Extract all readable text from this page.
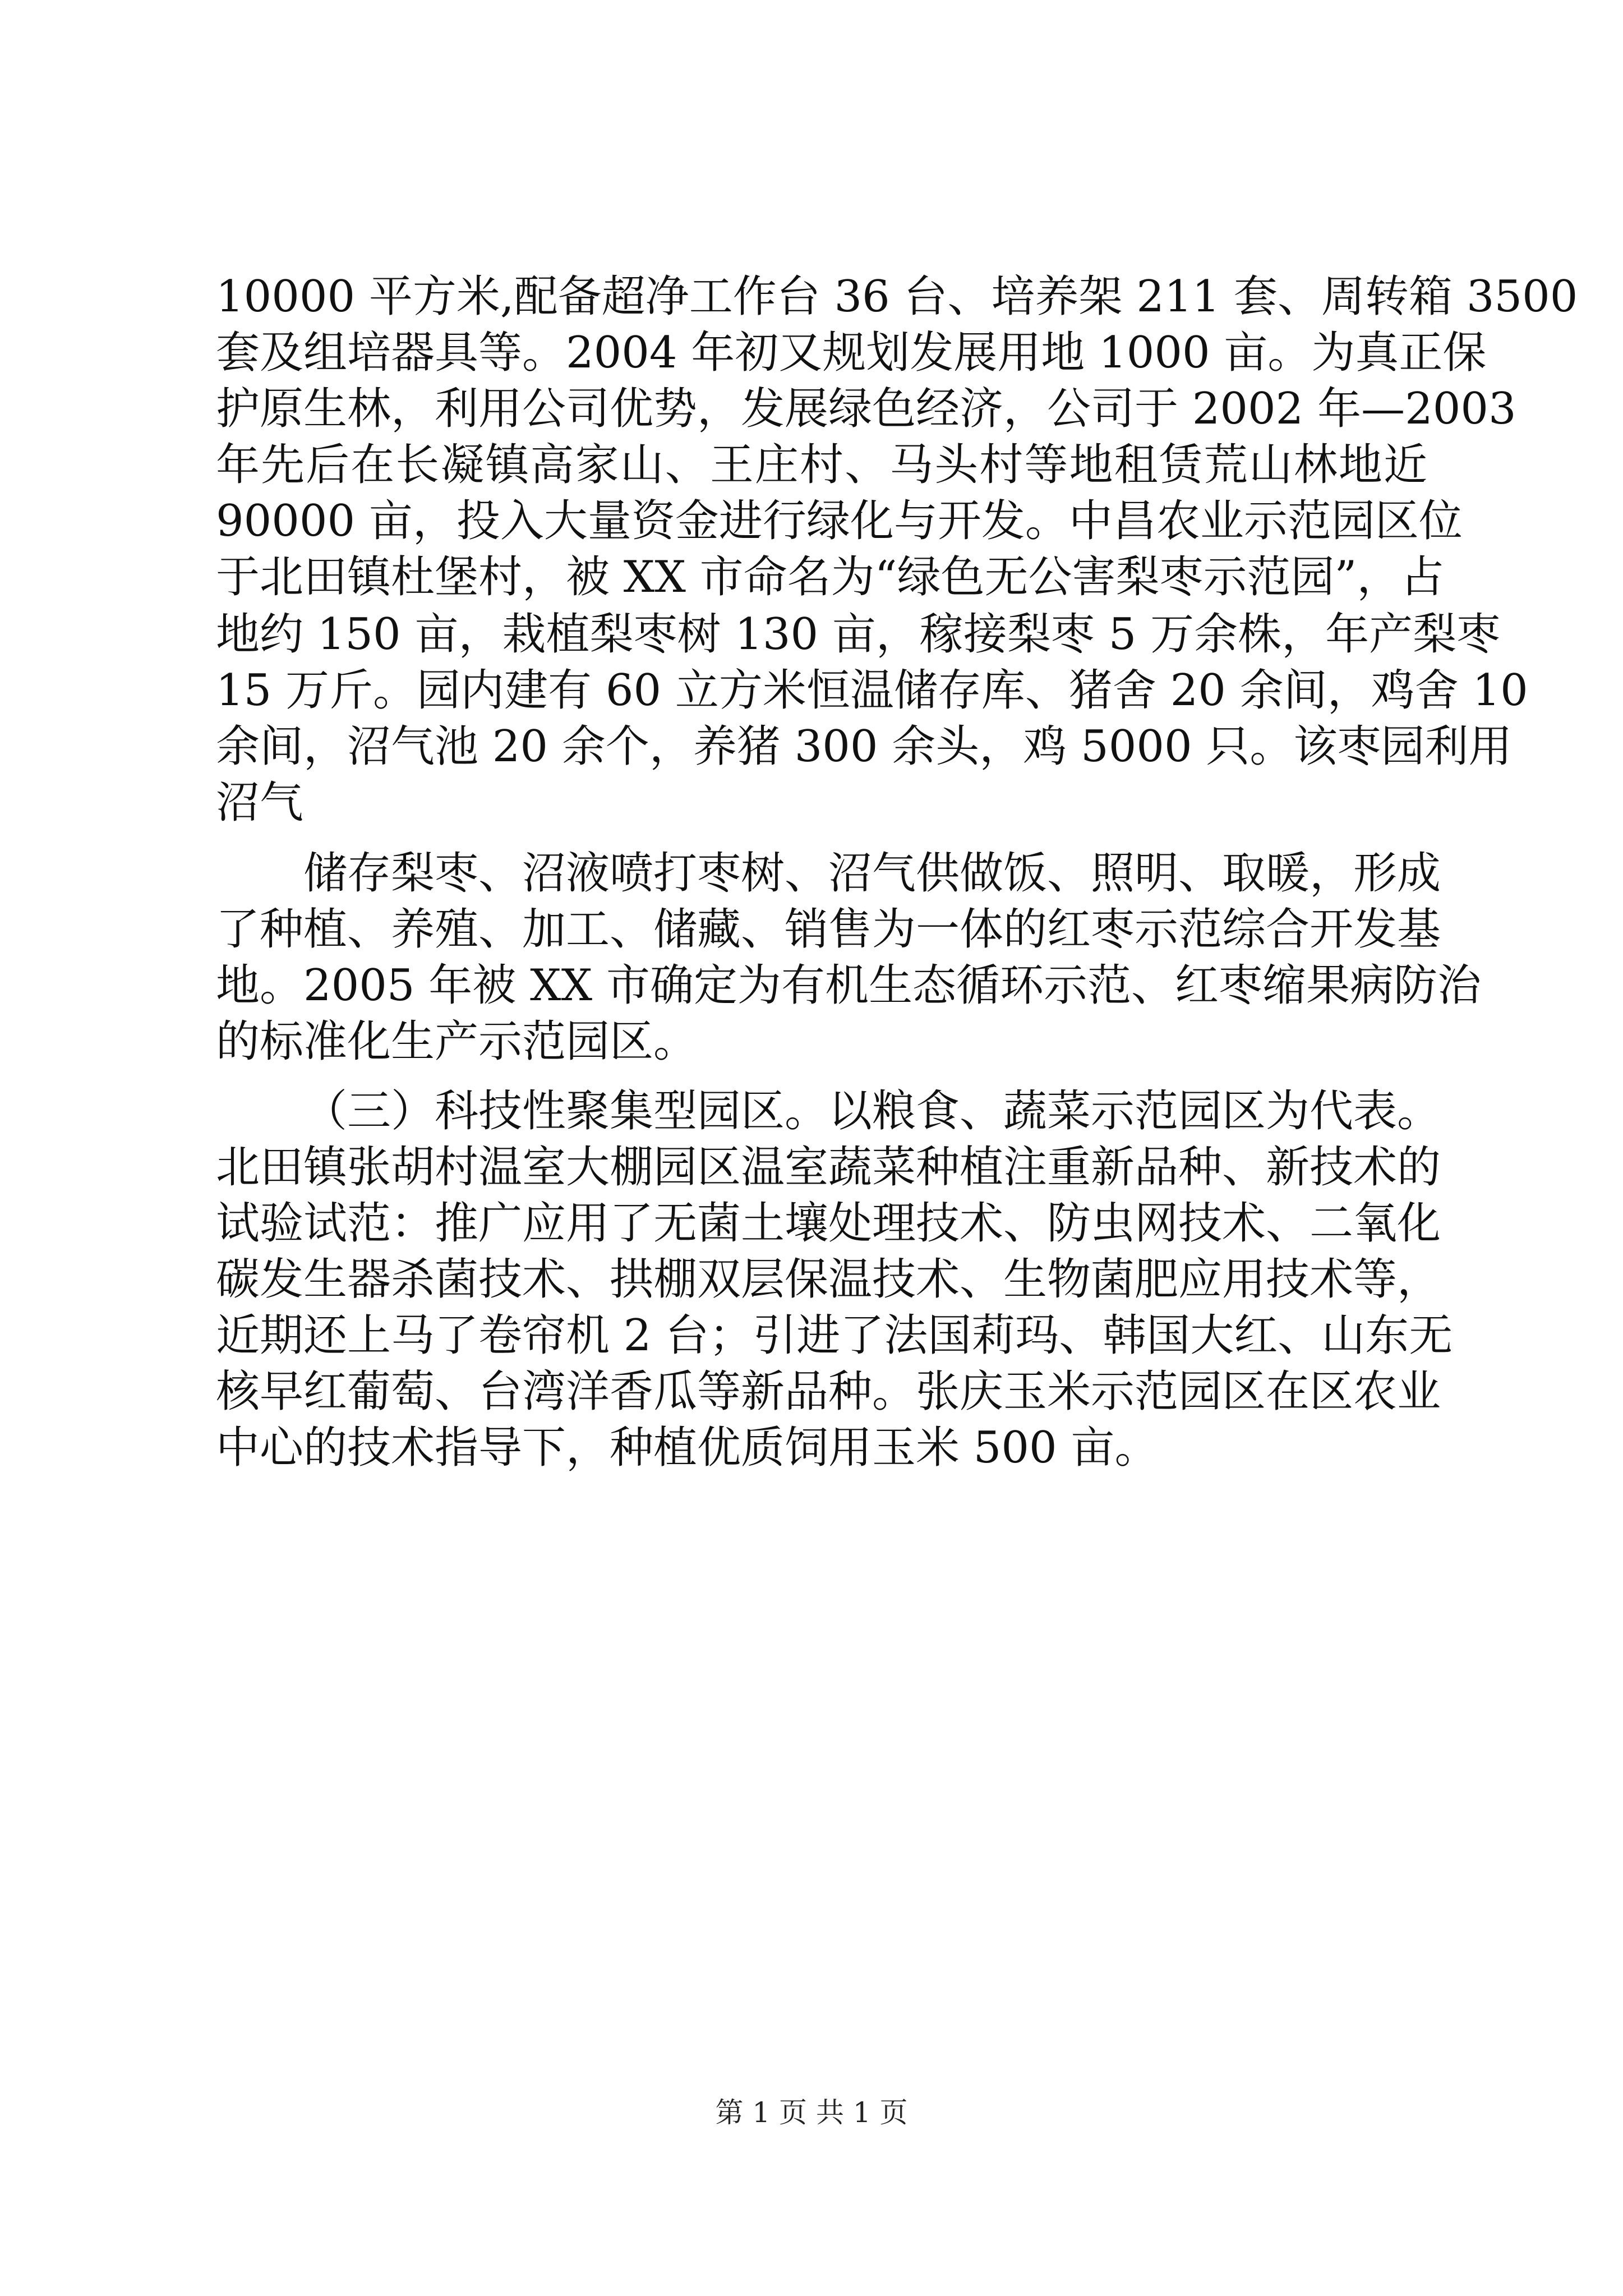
10000 平方米,配备超净工作台 36 台、培养架 211 套、周转箱 3500
套及组培器具等。2004 年初又规划发展用地 1000 亩。为真正保
护原生林，利用公司优势，发展绿色经济，公司于 2002 年—2003
年先后在长凝镇高家山、王庄村、马头村等地租赁荒山林地近
90000 亩，投入大量资金进行绿化与开发。中昌农业示范园区位
于北田镇杜堡村，被 XX 市命名为“绿色无公害梨枣示范园”，占
地约 150 亩，栽植梨枣树 130 亩，稼接梨枣 5 万余株，年产梨枣
15 万斤。园内建有 60 立方米恒温储存库、猪舍 20 余间，鸡舍 10
余间，沼气池 20 余个，养猪 300 余头，鸡 5000 只。该枣园利用
沼气
储存梨枣、沼液喷打枣树、沼气供做饭、照明、取暖，形成
了种植、养殖、加工、储藏、销售为一体的红枣示范综合开发基
地。2005 年被 XX 市确定为有机生态循环示范、红枣缩果病防治
的标准化生产示范园区。
（三）科技性聚集型园区。以粮食、蔬菜示范园区为代表。
北田镇张胡村温室大棚园区温室蔬菜种植注重新品种、新技术的
试验试范：推广应用了无菌土壤处理技术、防虫网技术、二氧化
碳发生器杀菌技术、拱棚双层保温技术、生物菌肥应用技术等，
近期还上马了卷帘机 2 台；引进了法国莉玛、韩国大红、山东无
核早红葡萄、台湾洋香瓜等新品种。张庆玉米示范园区在区农业
中心的技术指导下，种植优质饲用玉米 500 亩。
第 1 页 共 1 页
